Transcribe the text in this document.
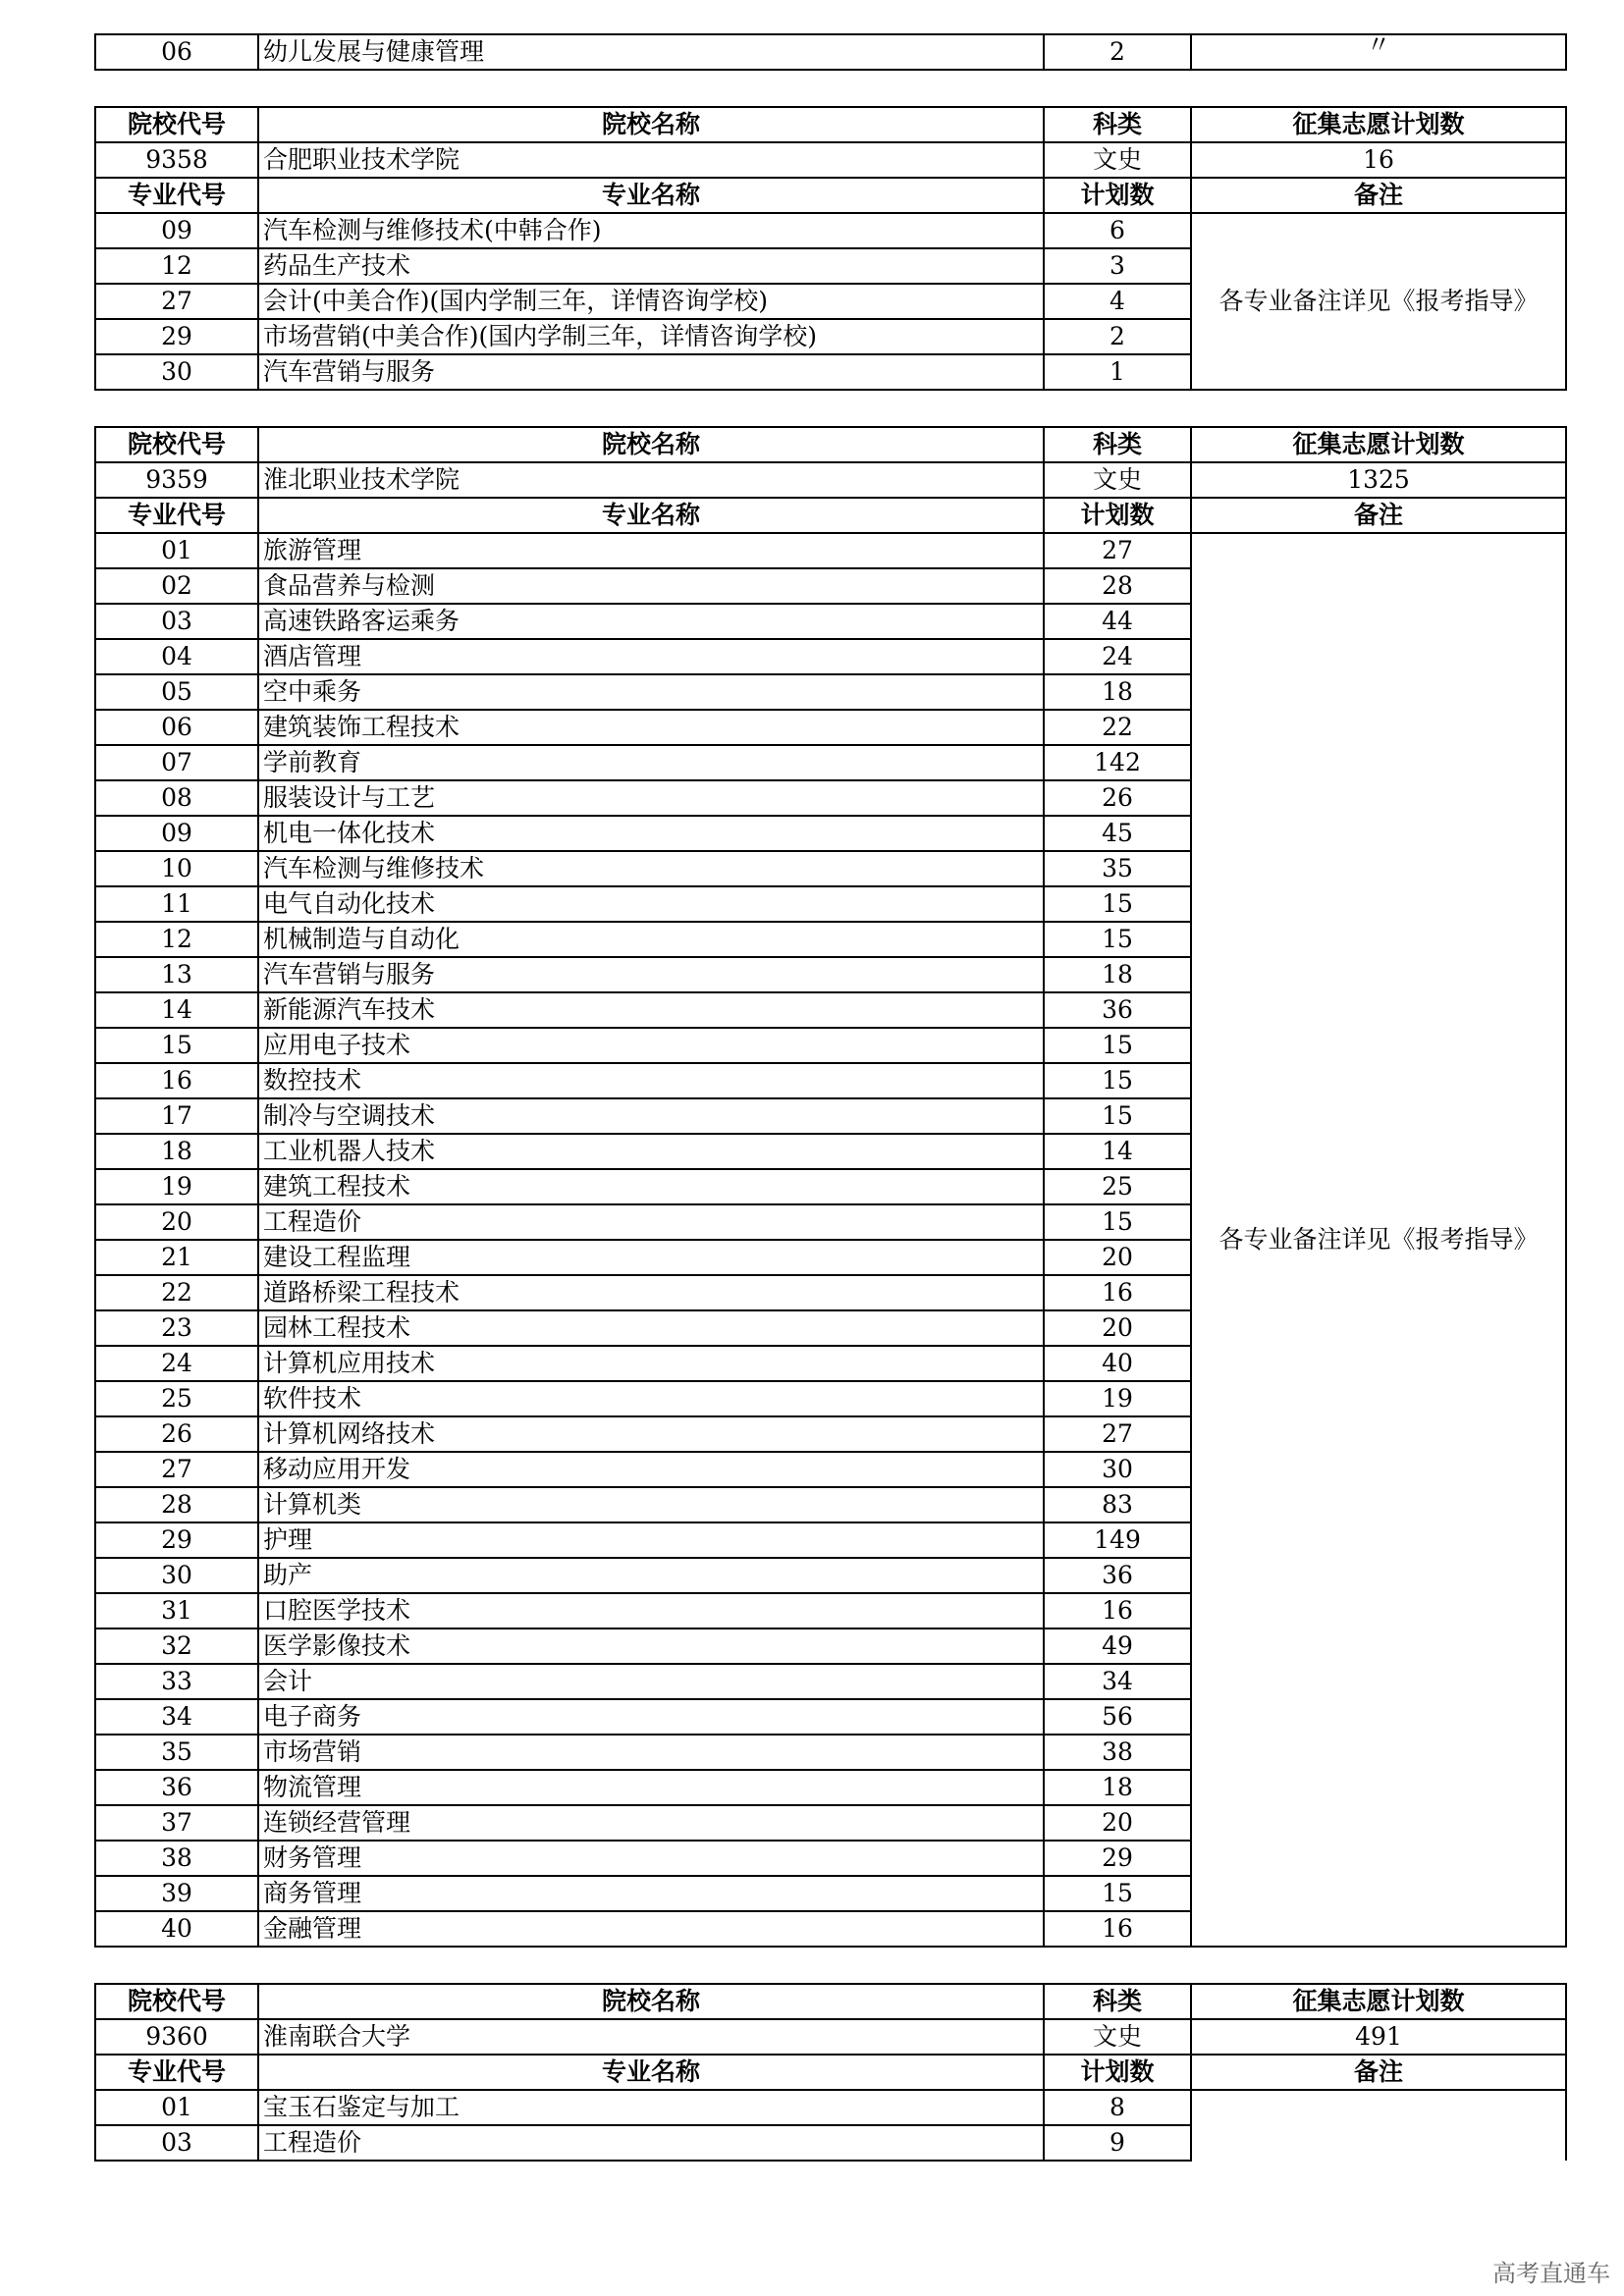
06	幼儿发展与健康管理	2	〃
院校代号	院校名称	科类	征集志愿计划数
9358	合肥职业技术学院	文史	16
专业代号	专业名称	计划数	备注
09	汽车检测与维修技术(中韩合作)	6	各专业备注详见《报考指导》
12	药品生产技术	3	
27	会计(中美合作)(国内学制三年，详情咨询学校)	4	
29	市场营销(中美合作)(国内学制三年，详情咨询学校)	2	
30	汽车营销与服务	1	
院校代号	院校名称	科类	征集志愿计划数
9359	淮北职业技术学院	文史	1325
专业代号	专业名称	计划数	备注
01	旅游管理	27	各专业备注详见《报考指导》
02	食品营养与检测	28	
03	高速铁路客运乘务	44	
04	酒店管理	24	
05	空中乘务	18	
06	建筑装饰工程技术	22	
07	学前教育	142	
08	服装设计与工艺	26	
09	机电一体化技术	45	
10	汽车检测与维修技术	35	
11	电气自动化技术	15	
12	机械制造与自动化	15	
13	汽车营销与服务	18	
14	新能源汽车技术	36	
15	应用电子技术	15	
16	数控技术	15	
17	制冷与空调技术	15	
18	工业机器人技术	14	
19	建筑工程技术	25	
20	工程造价	15	
21	建设工程监理	20	
22	道路桥梁工程技术	16	
23	园林工程技术	20	
24	计算机应用技术	40	
25	软件技术	19	
26	计算机网络技术	27	
27	移动应用开发	30	
28	计算机类	83	
29	护理	149	
30	助产	36	
31	口腔医学技术	16	
32	医学影像技术	49	
33	会计	34	
34	电子商务	56	
35	市场营销	38	
36	物流管理	18	
37	连锁经营管理	20	
38	财务管理	29	
39	商务管理	15	
40	金融管理	16	
院校代号	院校名称	科类	征集志愿计划数
9360	淮南联合大学	文史	491
专业代号	专业名称	计划数	备注
01	宝玉石鉴定与加工	8	
03	工程造价	9	
高考直通车
